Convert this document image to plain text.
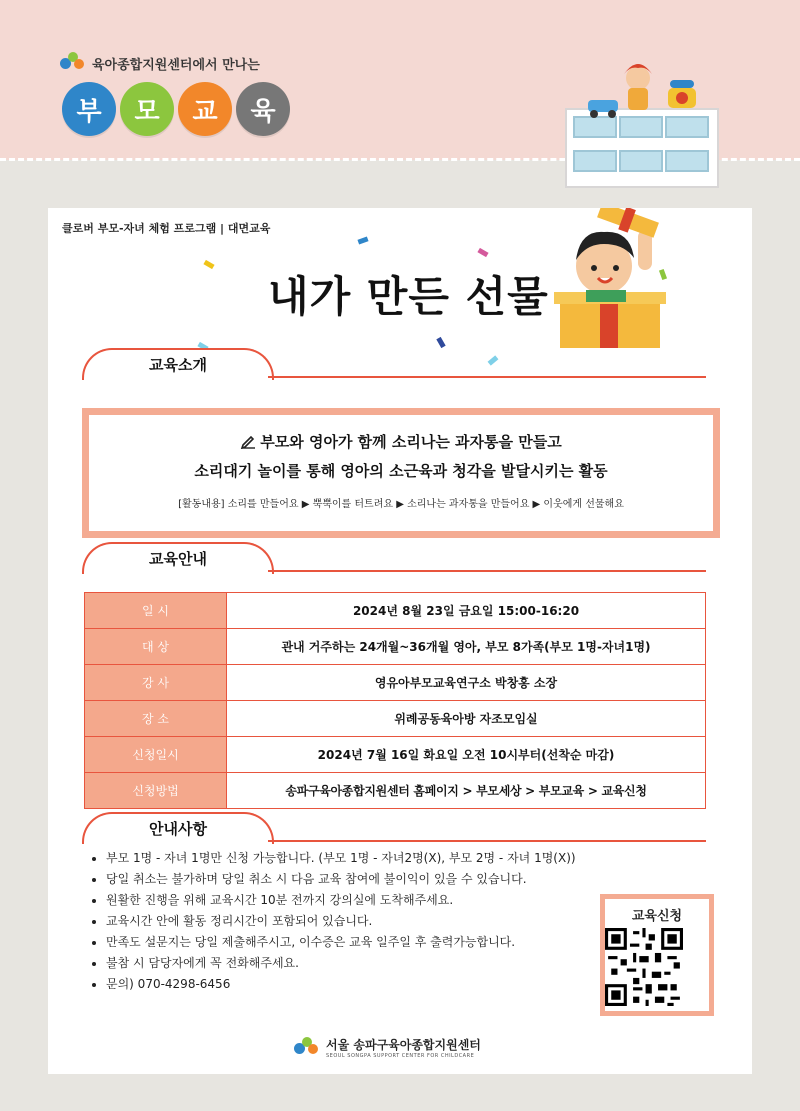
육아종합지원센터에서 만나는
부	모	교	육
클로버 부모-자녀 체험 프로그램 | 대면교육
내가 만든 선물
교육소개
부모와 영아가 함께 소리나는 과자통을 만들고
소리대기 놀이를 통해 영아의 소근육과 청각을 발달시키는 활동
[활동내용] 소리를 만들어요 ▶ 뿍뿍이를 터트려요 ▶ 소리나는 과자통을 만들어요 ▶ 이웃에게 선물해요
교육안내
일 시	2024년 8월 23일 금요일 15:00-16:20
대 상	관내 거주하는 24개월~36개월 영아, 부모 8가족(부모 1명-자녀1명)
강 사	영유아부모교육연구소 박창홍 소장
장 소	위례공동육아방 자조모임실
신청일시	2024년 7월 16일 화요일 오전 10시부터(선착순 마감)
신청방법	송파구육아종합지원센터 홈페이지 > 부모세상 > 부모교육 > 교육신청
안내사항
• 부모 1명 - 자녀 1명만 신청 가능합니다. (부모 1명 - 자녀2명(X), 부모 2명 - 자녀 1명(X))
• 당일 취소는 불가하며 당일 취소 시 다음 교육 참여에 불이익이 있을 수 있습니다.
• 원활한 진행을 위해 교육시간 10분 전까지 강의실에 도착해주세요.
• 교육시간 안에 활동 정리시간이 포함되어 있습니다.
• 만족도 설문지는 당일 제출해주시고, 이수증은 교육 일주일 후 출력가능합니다.
• 불참 시 담당자에게 꼭 전화해주세요.
• 문의) 070-4298-6456
교육신청
서울 송파구육아종합지원센터
SEOUL SONGPA SUPPORT CENTER FOR CHILDCARE
